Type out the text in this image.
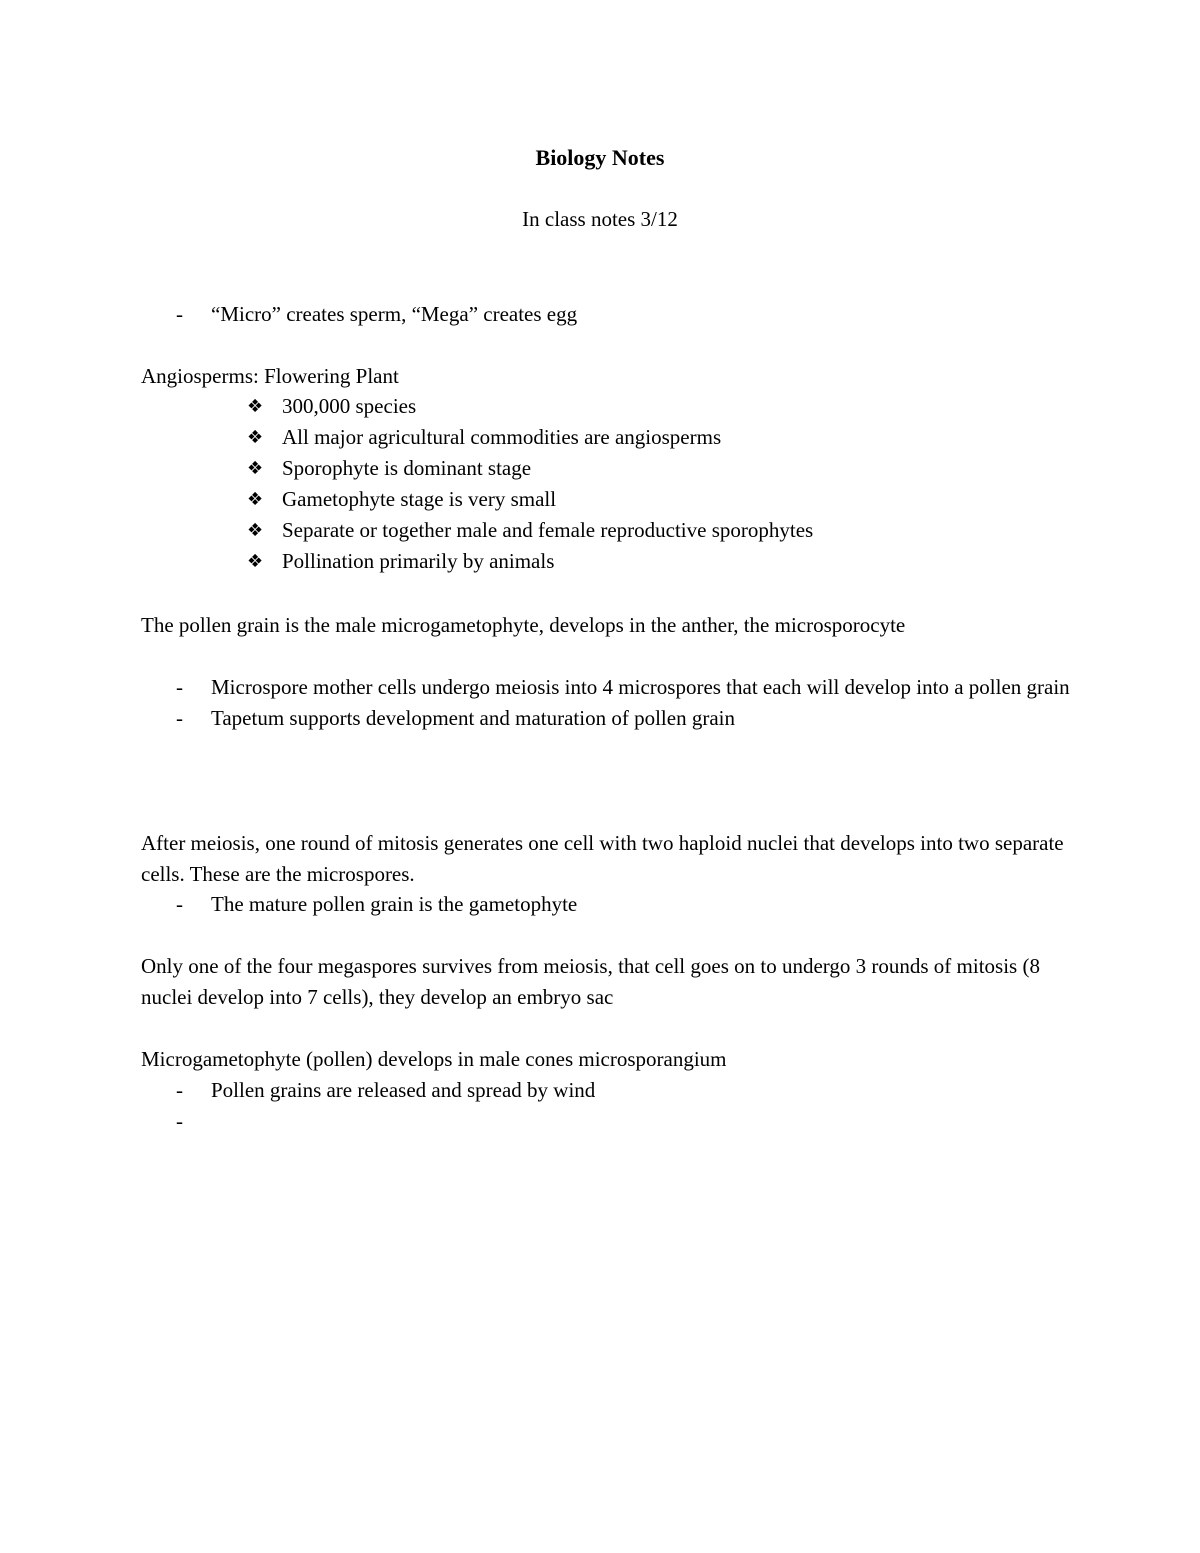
Biology Notes
In class notes 3/12
- “Micro” creates sperm, “Mega” creates egg

Angiosperms: Flowering Plant

❖ 300,000 species
❖ All major agricultural commodities are angiosperms
❖ Sporophyte is dominant stage
❖ Gametophyte stage is very small
❖ Separate or together male and female reproductive sporophytes
❖ Pollination primarily by animals

The pollen grain is the male microgametophyte, develops in the anther, the microsporocyte

- Microspore mother cells undergo meiosis into 4 microspores that each will develop into a pollen grain
- Tapetum supports development and maturation of pollen grain

After meiosis, one round of mitosis generates one cell with two haploid nuclei that develops into two separate cells. These are the microspores.

- The mature pollen grain is the gametophyte

Only one of the four megaspores survives from meiosis, that cell goes on to undergo 3 rounds of mitosis (8 nuclei develop into 7 cells), they develop an embryo sac

Microgametophyte (pollen) develops in male cones microsporangium

- Pollen grains are released and spread by wind
-
